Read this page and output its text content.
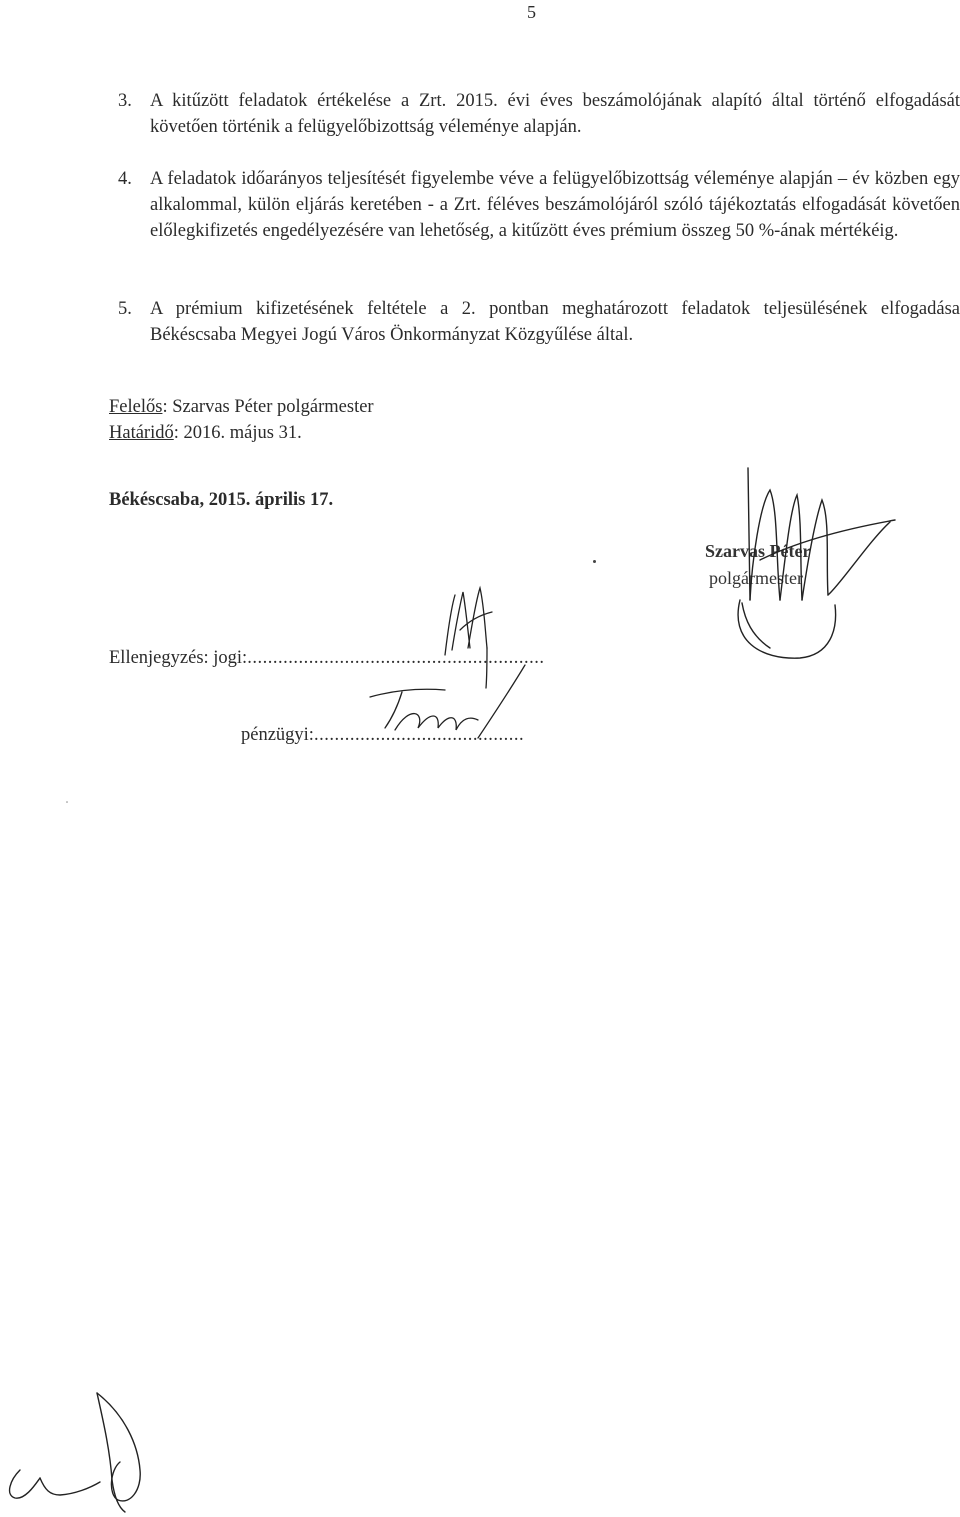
5
3. A kitűzött feladatok értékelése a Zrt. 2015. évi éves beszámolójának alapító által történő elfogadását követően történik a felügyelőbizottság véleménye alapján.
4. A feladatok időarányos teljesítését figyelembe véve a felügyelőbizottság véleménye alapján – év közben egy alkalommal, külön eljárás keretében - a Zrt. féléves beszámolójáról szóló tájékoztatás elfogadását követően előlegkifizetés engedélyezésére van lehetőség, a kitűzött éves prémium összeg 50 %-ának mértékéig.
5. A prémium kifizetésének feltétele a 2. pontban meghatározott feladatok teljesülésének elfogadása Békéscsaba Megyei Jogú Város Önkormányzat Közgyűlése által.
Felelős: Szarvas Péter polgármester
Határidő: 2016. május 31.
Békéscsaba, 2015. április 17.
Szarvas Péter
polgármester
Ellenjegyzés: jogi:..........................................................
pénzügyi:.........................................
